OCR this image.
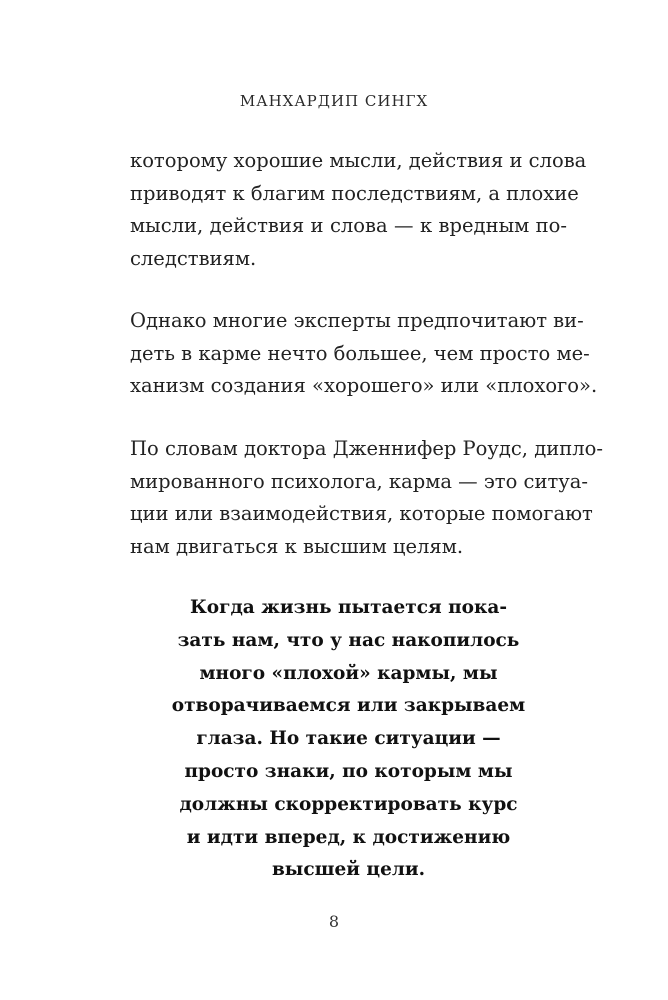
МАНХАРДИП СИНГХ

которому хорошие мысли, действия и слова
приводят к благим последствиям, а плохие
мысли, действия и слова — к вредным по-
следствиям.

Однако многие эксперты предпочитают ви-
деть в карме нечто большее, чем просто ме-
ханизм создания «хорошего» или «плохого».

По словам доктора Дженнифер Роудс, дипло-
мированного психолога, карма — это ситуа-
ции или взаимодействия, которые помогают
нам двигаться к высшим целям.

Когда жизнь пытается пока-
зать нам, что у нас накопилось
много «плохой» кармы, мы
отворачиваемся или закрываем
глаза. Но такие ситуации —
просто знаки, по которым мы
должны скорректировать курс
и идти вперед, к достижению
высшей цели.

8
